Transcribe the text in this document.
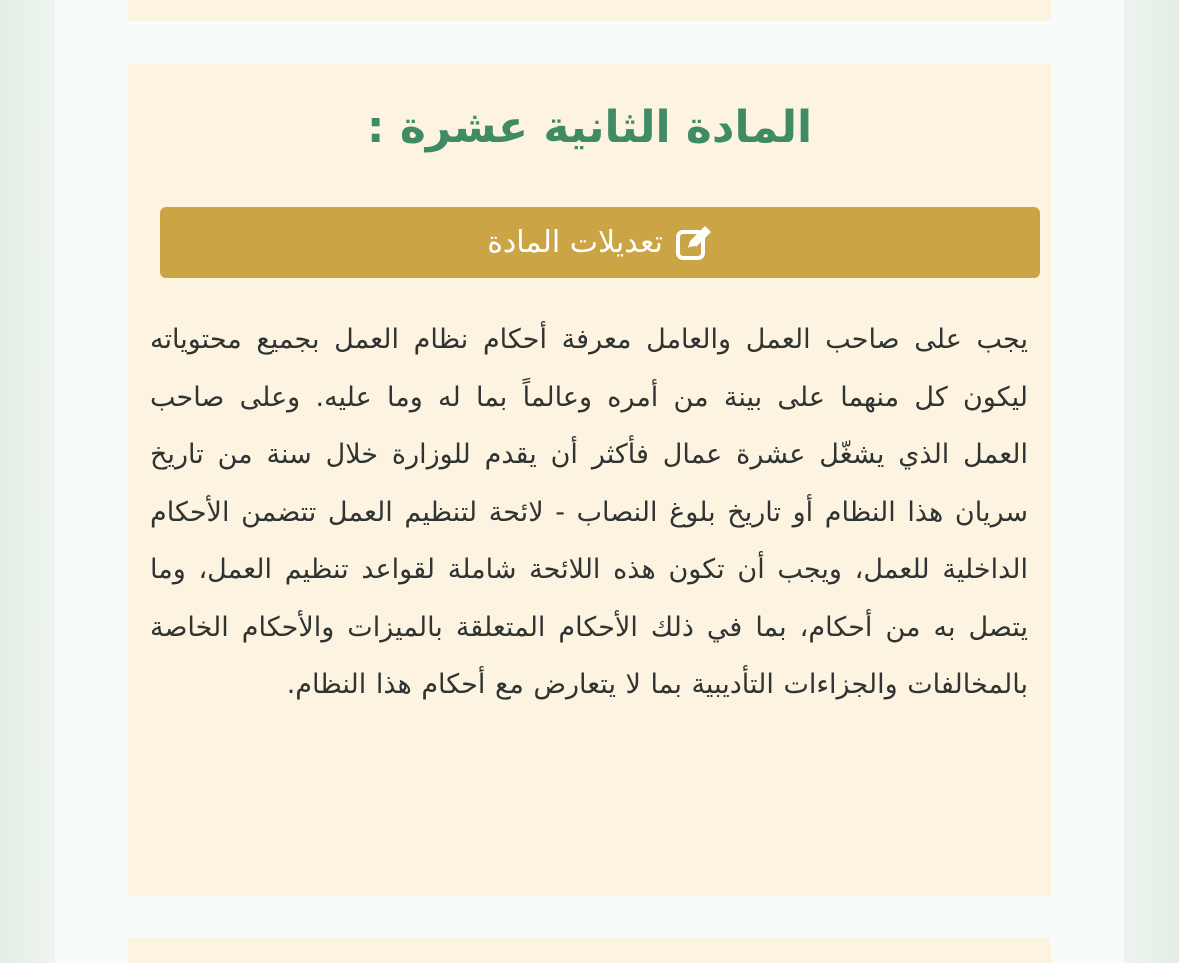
المادة الثانية عشرة :
تعديلات المادة

يجب على صاحب العمل والعامل معرفة أحكام نظام العمل بجميع محتوياته ليكون كل منهما على بينة من أمره وعالماً بما له وما عليه. وعلى صاحب العمل الذي يشغّل عشرة عمال فأكثر أن يقدم للوزارة خلال سنة من تاريخ سريان هذا النظام أو تاريخ بلوغ النصاب - لائحة لتنظيم العمل تتضمن الأحكام الداخلية للعمل، ويجب أن تكون هذه اللائحة شاملة لقواعد تنظيم العمل، وما يتصل به من أحكام، بما في ذلك الأحكام المتعلقة بالميزات والأحكام الخاصة بالمخالفات والجزاءات التأديبية بما لا يتعارض مع أحكام هذا النظام.
